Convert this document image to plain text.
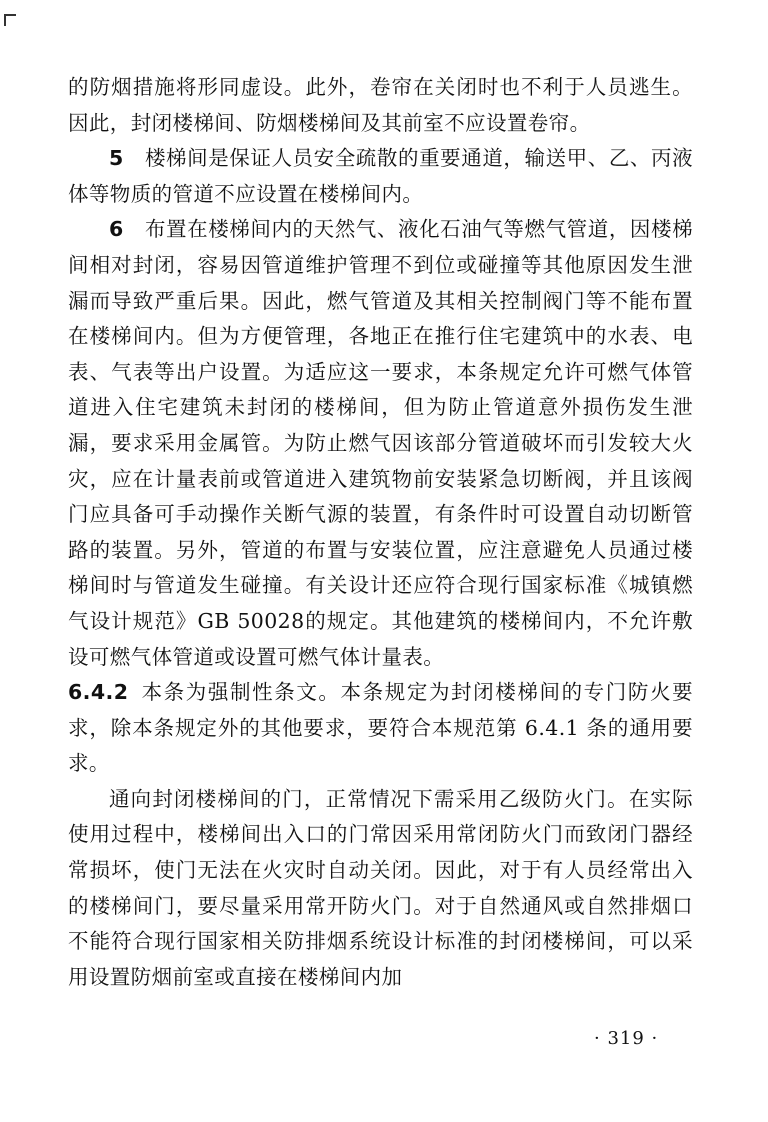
的防烟措施将形同虚设。此外，卷帘在关闭时也不利于人员逃生。因此，封闭楼梯间、防烟楼梯间及其前室不应设置卷帘。

5　 楼梯间是保证人员安全疏散的重要通道，输送甲、乙、丙液体等物质的管道不应设置在楼梯间内。

6　 布置在楼梯间内的天然气、液化石油气等燃气管道，因楼梯间相对封闭，容易因管道维护管理不到位或碰撞等其他原因发生泄漏而导致严重后果。因此，燃气管道及其相关控制阀门等不能布置在楼梯间内。但为方便管理，各地正在推行住宅建筑中的水表、电表、气表等出户设置。为适应这一要求，本条规定允许可燃气体管道进入住宅建筑未封闭的楼梯间，但为防止管道意外损伤发生泄漏，要求采用金属管。为防止燃气因该部分管道破坏而引发较大火灾，应在计量表前或管道进入建筑物前安装紧急切断阀，并且该阀门应具备可手动操作关断气源的装置，有条件时可设置自动切断管路的装置。另外，管道的布置与安装位置，应注意避免人员通过楼梯间时与管道发生碰撞。有关设计还应符合现行国家标准《城镇燃气设计规范》GB 50028的规定。其他建筑的楼梯间内，不允许敷设可燃气体管道或设置可燃气体计量表。

6.4.2 本条为强制性条文。本条规定为封闭楼梯间的专门防火要求，除本条规定外的其他要求，要符合本规范第 6.4.1 条的通用要求。

通向封闭楼梯间的门，正常情况下需采用乙级防火门。在实际使用过程中，楼梯间出入口的门常因采用常闭防火门而致闭门器经常损坏，使门无法在火灾时自动关闭。因此，对于有人员经常出入的楼梯间门，要尽量采用常开防火门。对于自然通风或自然排烟口不能符合现行国家相关防排烟系统设计标准的封闭楼梯间，可以采用设置防烟前室或直接在楼梯间内加

· 319 ·
